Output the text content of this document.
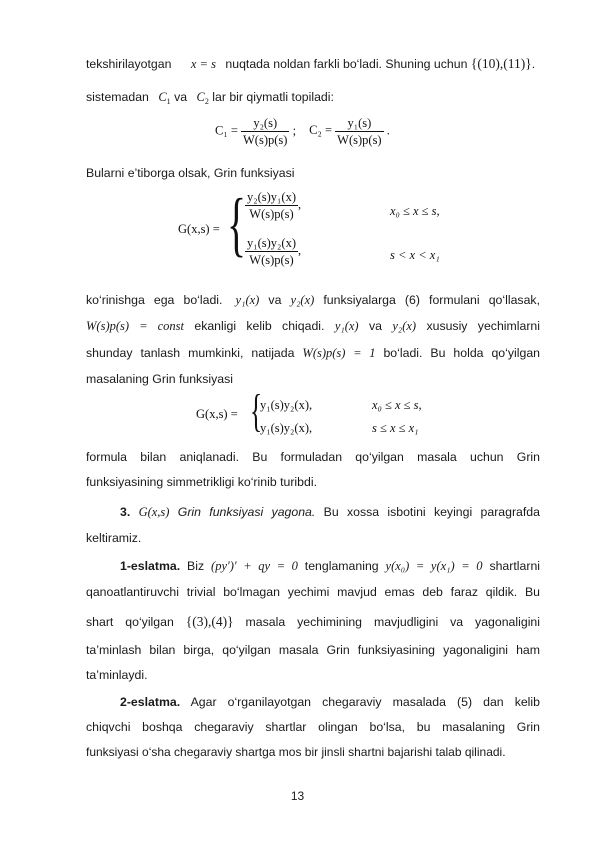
tekshirilayotgan x = s nuqtada noldan farkli bo‘ladi. Shuning uchun {(10),(11)}.
sistemadan $C_1$ va $C_2$ lar bir qiymatli topiladi:
$C_1 = \frac{\text{y₂(s)}}{W(s)p(s)}$ ; $C_2 = \frac{\text{y₁(s)}}{W(s)p(s)}$ .
Bularni e’tiborga olsak, Grin funksiyasi
G(x,s) = {
$\frac{\text{y₂(s)y₁(x)}}{W(s)p(s)}$ ,	x₀ ≤ x ≤ s,
$\frac{\text{y₁(s)y₂(x)}}{W(s)p(s)}$ ,	s < x < x₁
ko‘rinishga ega bo‘ladi. y₁(x) va y₂(x) funksiyalarga (6) formulani qo‘llasak,
W(s)p(s) = const ekanligi kelib chiqadi. y₁(x) va y₂(x) xususiy yechimlarni
shunday tanlash mumkinki, natijada W(s)p(s) = 1 bo‘ladi. Bu holda qo‘yilgan
masalaning Grin funksiyasi
G(x,s) = {
y₁(s)y₂(x),	x₀ ≤ x ≤ s,
y₁(s)y₂(x),	s ≤ x ≤ x₁
formula bilan aniqlanadi. Bu formuladan qo‘yilgan masala uchun Grin
funksiyasining simmetrikligi ko‘rinib turibdi.
3. G(x,s) Grin funksiyasi yagona. Bu xossa isbotini keyingi paragrafda
keltiramiz.
1-eslatma. Biz (py′)′ + qy = 0 tenglamaning y(x₀) = y(x₁) = 0 shartlarni
qanoatlantiruvchi trivial bo‘lmagan yechimi mavjud emas deb faraz qildik. Bu
shart qo‘yilgan {(3),(4)} masala yechimining mavjudligini va yagonaligini
ta’minlash bilan birga, qo‘yilgan masala Grin funksiyasining yagonaligini ham
ta’minlaydi.
2-eslatma. Agar o‘rganilayotgan chegaraviy masalada (5) dan kelib
chiqvchi boshqa chegaraviy shartlar olingan bo‘lsa, bu masalaning Grin
funksiyasi o‘sha chegaraviy shartga mos bir jinsli shartni bajarishi talab qilinadi.
13
